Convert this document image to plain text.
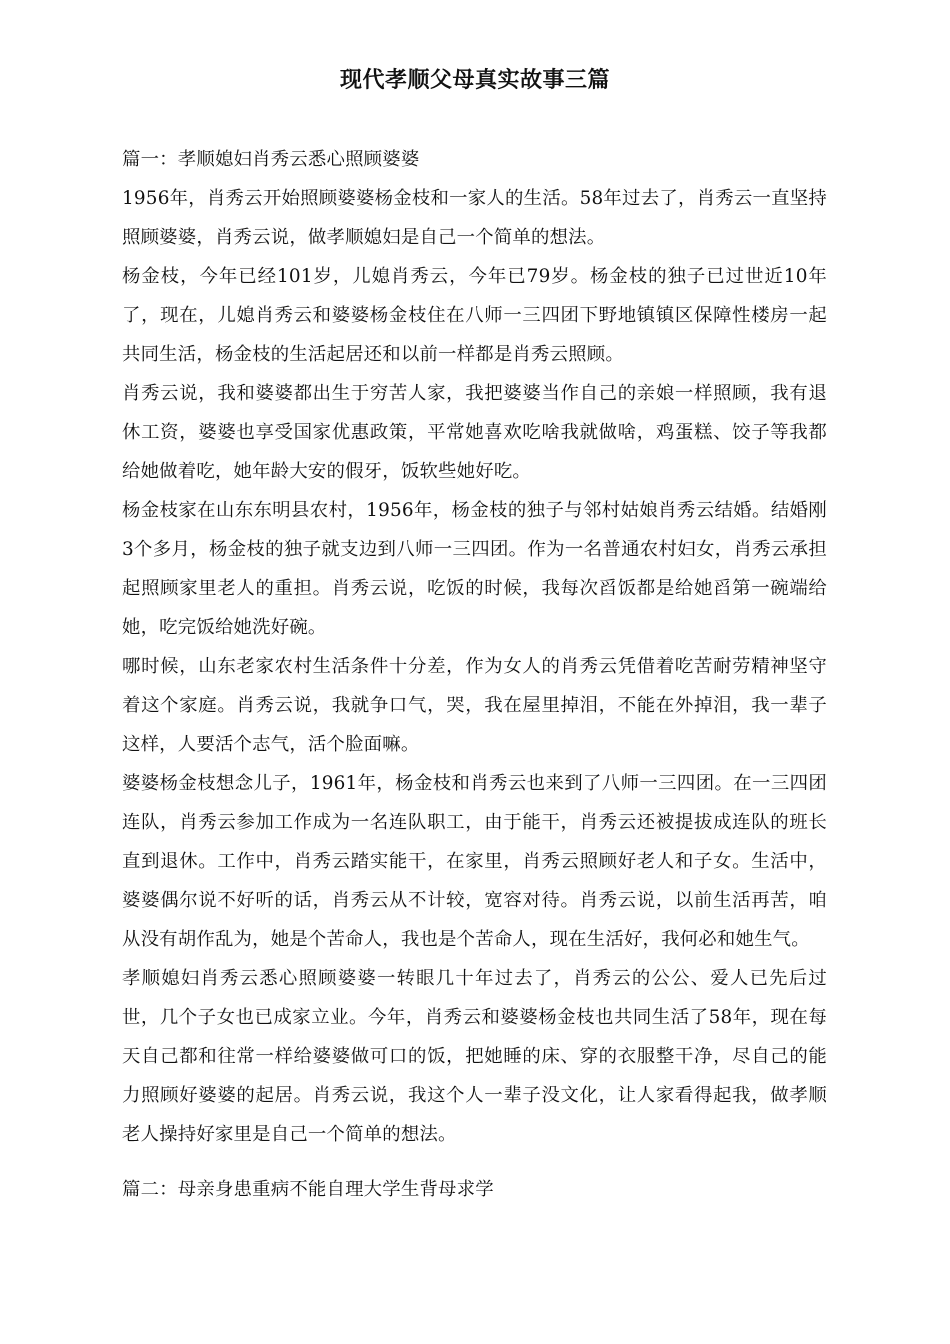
现代孝顺父母真实故事三篇

篇一：孝顺媳妇肖秀云悉心照顾婆婆

1956年，肖秀云开始照顾婆婆杨金枝和一家人的生活。58年过去了，肖秀云一直坚持照顾婆婆，肖秀云说，做孝顺媳妇是自己一个简单的想法。

杨金枝，今年已经101岁，儿媳肖秀云，今年已79岁。杨金枝的独子已过世近10年了，现在，儿媳肖秀云和婆婆杨金枝住在八师一三四团下野地镇镇区保障性楼房一起共同生活，杨金枝的生活起居还和以前一样都是肖秀云照顾。

肖秀云说，我和婆婆都出生于穷苦人家，我把婆婆当作自己的亲娘一样照顾，我有退休工资，婆婆也享受国家优惠政策，平常她喜欢吃啥我就做啥，鸡蛋糕、饺子等我都给她做着吃，她年龄大安的假牙，饭软些她好吃。

杨金枝家在山东东明县农村，1956年，杨金枝的独子与邻村姑娘肖秀云结婚。结婚刚3个多月，杨金枝的独子就支边到八师一三四团。作为一名普通农村妇女，肖秀云承担起照顾家里老人的重担。肖秀云说，吃饭的时候，我每次舀饭都是给她舀第一碗端给她，吃完饭给她洗好碗。

哪时候，山东老家农村生活条件十分差，作为女人的肖秀云凭借着吃苦耐劳精神坚守着这个家庭。肖秀云说，我就争口气，哭，我在屋里掉泪，不能在外掉泪，我一辈子这样，人要活个志气，活个脸面嘛。

婆婆杨金枝想念儿子，1961年，杨金枝和肖秀云也来到了八师一三四团。在一三四团连队，肖秀云参加工作成为一名连队职工，由于能干，肖秀云还被提拔成连队的班长直到退休。工作中，肖秀云踏实能干，在家里，肖秀云照顾好老人和子女。生活中，婆婆偶尔说不好听的话，肖秀云从不计较，宽容对待。肖秀云说，以前生活再苦，咱从没有胡作乱为，她是个苦命人，我也是个苦命人，现在生活好，我何必和她生气。

孝顺媳妇肖秀云悉心照顾婆婆一转眼几十年过去了，肖秀云的公公、爱人已先后过世，几个子女也已成家立业。今年，肖秀云和婆婆杨金枝也共同生活了58年，现在每天自己都和往常一样给婆婆做可口的饭，把她睡的床、穿的衣服整干净，尽自己的能力照顾好婆婆的起居。肖秀云说，我这个人一辈子没文化，让人家看得起我，做孝顺老人操持好家里是自己一个简单的想法。

篇二：母亲身患重病不能自理大学生背母求学
